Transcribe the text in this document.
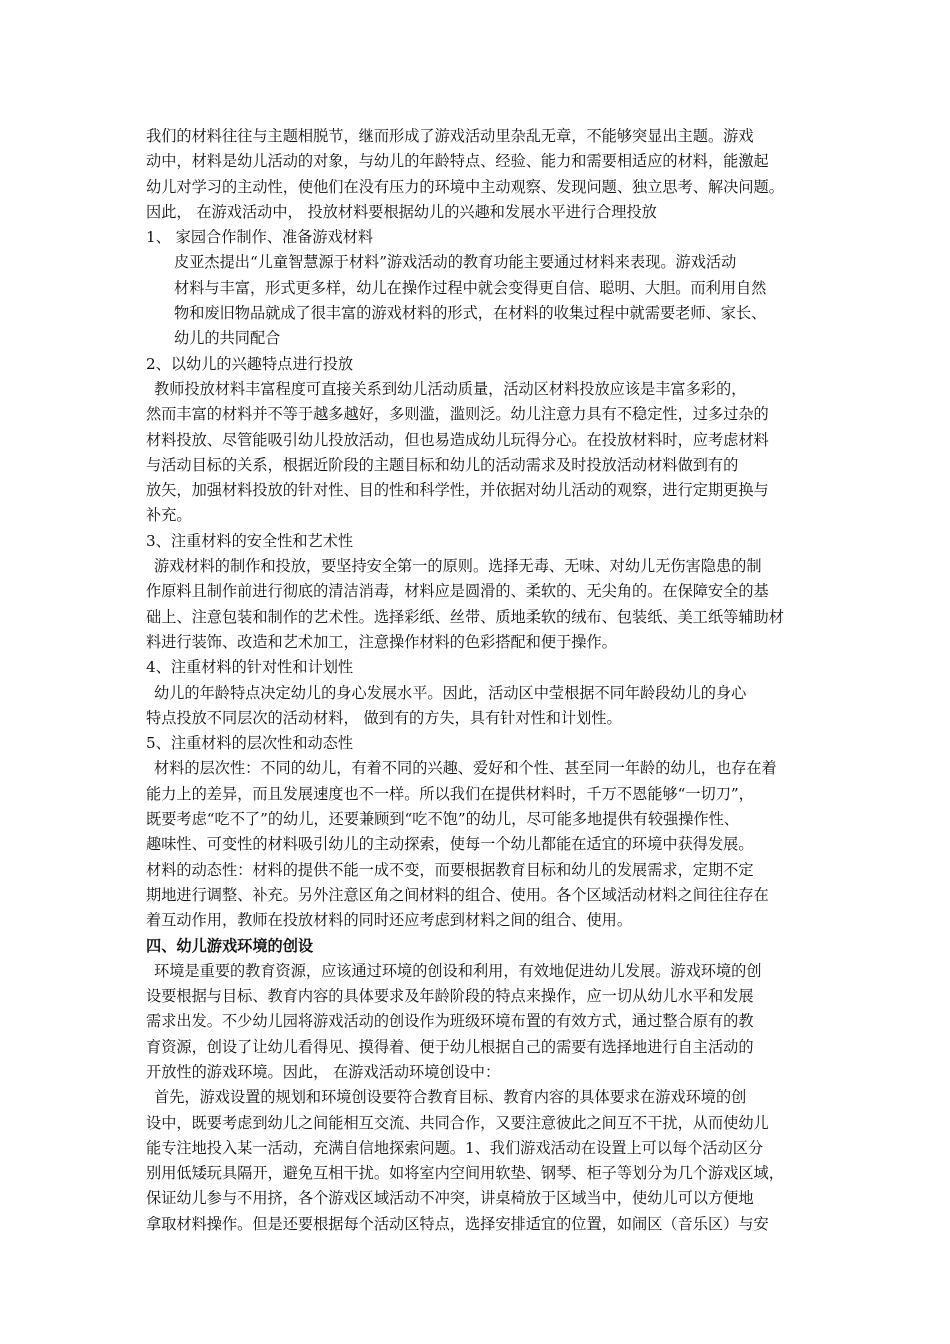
我们的材料往往与主题相脱节，继而形成了游戏活动里杂乱无章，不能够突显出主题。游戏

动中，材料是幼儿活动的对象，与幼儿的年龄特点、经验、能力和需要相适应的材料，能激起

幼儿对学习的主动性，使他们在没有压力的环境中主动观察、发现问题、独立思考、解决问题。

因此， 在游戏活动中， 投放材料要根据幼儿的兴趣和发展水平进行合理投放

1、 家园合作制作、准备游戏材料

皮亚杰提出“儿童智慧源于材料”游戏活动的教育功能主要通过材料来表现。游戏活动

材料与丰富，形式更多样，幼儿在操作过程中就会变得更自信、聪明、大胆。而利用自然

物和废旧物品就成了很丰富的游戏材料的形式，在材料的收集过程中就需要老师、家长、

幼儿的共同配合

2、以幼儿的兴趣特点进行投放

教师投放材料丰富程度可直接关系到幼儿活动质量，活动区材料投放应该是丰富多彩的，

然而丰富的材料并不等于越多越好，多则滥，滥则泛。幼儿注意力具有不稳定性，过多过杂的

材料投放、尽管能吸引幼儿投放活动，但也易造成幼儿玩得分心。在投放材料时，应考虑材料

与活动目标的关系，根据近阶段的主题目标和幼儿的活动需求及时投放活动材料做到有的

放矢，加强材料投放的针对性、目的性和科学性，并依据对幼儿活动的观察，进行定期更换与

补充。

3、注重材料的安全性和艺术性

游戏材料的制作和投放，要坚持安全第一的原则。选择无毒、无味、对幼儿无伤害隐患的制

作原料且制作前进行彻底的清洁消毒，材料应是圆滑的、柔软的、无尖角的。在保障安全的基

础上、注意包装和制作的艺术性。选择彩纸、丝带、质地柔软的绒布、包装纸、美工纸等辅助材

料进行装饰、改造和艺术加工，注意操作材料的色彩搭配和便于操作。

4、注重材料的针对性和计划性

幼儿的年龄特点决定幼儿的身心发展水平。因此，活动区中莹根据不同年龄段幼儿的身心

特点投放不同层次的活动材料， 做到有的方失，具有针对性和计划性。

5、注重材料的层次性和动态性

材料的层次性：不同的幼儿，有着不同的兴趣、爱好和个性、甚至同一年龄的幼儿，也存在着

能力上的差异，而且发展速度也不一样。所以我们在提供材料时，千万不恩能够“一切刀”，

既要考虑“吃不了”的幼儿，还要兼顾到“吃不饱”的幼儿，尽可能多地提供有较强操作性、

趣味性、可变性的材料吸引幼儿的主动探索，使每一个幼儿都能在适宜的环境中获得发展。

材料的动态性：材料的提供不能一成不变，而要根据教育目标和幼儿的发展需求，定期不定

期地进行调整、补充。另外注意区角之间材料的组合、使用。各个区域活动材料之间往往存在

着互动作用，教师在投放材料的同时还应考虑到材料之间的组合、使用。

四、幼儿游戏环境的创设

环境是重要的教育资源，应该通过环境的创设和利用，有效地促进幼儿发展。游戏环境的创

设要根据与目标、教育内容的具体要求及年龄阶段的特点来操作，应一切从幼儿水平和发展

需求出发。不少幼儿园将游戏活动的创设作为班级环境布置的有效方式，通过整合原有的教

育资源，创设了让幼儿看得见、摸得着、便于幼儿根据自己的需要有选择地进行自主活动的

开放性的游戏环境。因此， 在游戏活动环境创设中：

首先，游戏设置的规划和环境创设要符合教育目标、教育内容的具体要求在游戏环境的创

设中，既要考虑到幼儿之间能相互交流、共同合作，又要注意彼此之间互不干扰，从而使幼儿

能专注地投入某一活动，充满自信地探索问题。1、我们游戏活动在设置上可以每个活动区分

别用低矮玩具隔开，避免互相干扰。如将室内空间用软垫、钢琴、柜子等划分为几个游戏区域，

保证幼儿参与不用挤，各个游戏区域活动不冲突，讲桌椅放于区域当中，使幼儿可以方便地

拿取材料操作。但是还要根据每个活动区特点，选择安排适宜的位置，如闹区（音乐区）与安
